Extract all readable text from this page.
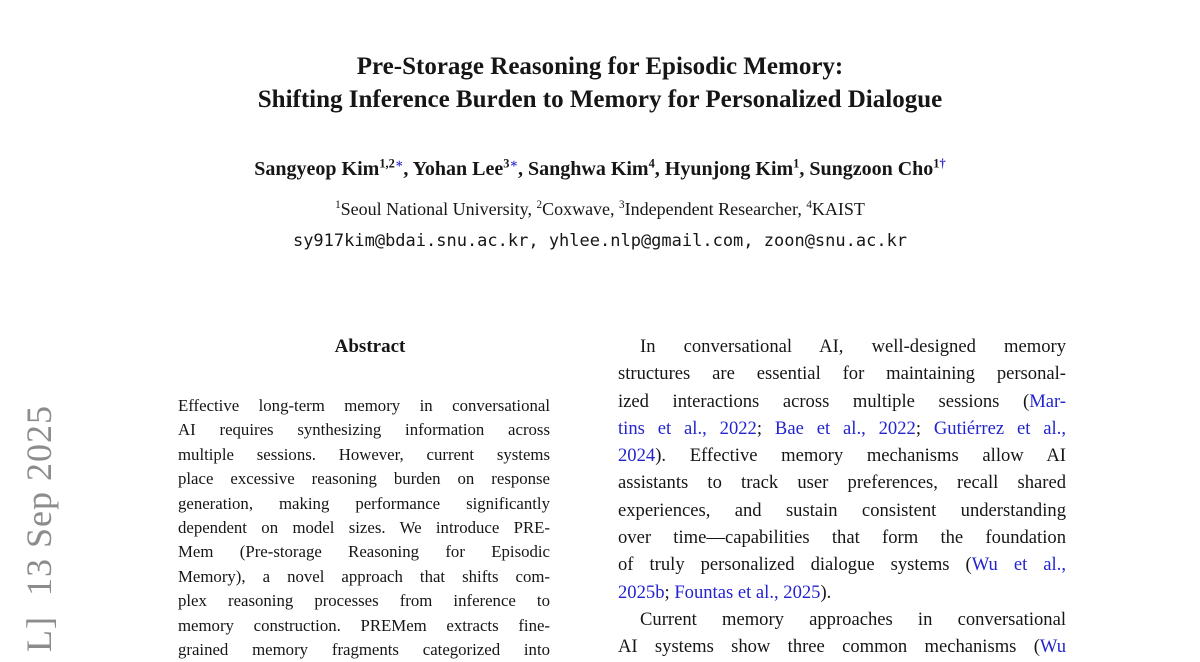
L]  13 Sep 2025
Pre-Storage Reasoning for Episodic Memory:
Shifting Inference Burden to Memory for Personalized Dialogue
Sangyeop Kim$^{1,2∗}$, Yohan Lee$^{3∗}$, Sanghwa Kim$^4$, Hyunjong Kim$^1$, Sungzoon Cho$^{1\dagger}$
$^1$Seoul National University, $^2$Coxwave, $^3$Independent Researcher, $^4$KAIST
sy917kim@bdai.snu.ac.kr, yhlee.nlp@gmail.com, zoon@snu.ac.kr
Abstract
Effective long-term memory in conversational
AI requires synthesizing information across
multiple sessions. However, current systems
place excessive reasoning burden on response
generation, making performance significantly
dependent on model sizes. We introduce PRE-
Mem (Pre-storage Reasoning for Episodic
Memory), a novel approach that shifts com-
plex reasoning processes from inference to
memory construction. PREMem extracts fine-
grained memory fragments categorized into
In conversational AI, well-designed memory
structures are essential for maintaining personal-
ized interactions across multiple sessions (Mar-
tins et al., 2022; Bae et al., 2022; Gutiérrez et al.,
2024). Effective memory mechanisms allow AI
assistants to track user preferences, recall shared
experiences, and sustain consistent understanding
over time—capabilities that form the foundation
of truly personalized dialogue systems (Wu et al.,
2025b; Fountas et al., 2025).
Current memory approaches in conversational
AI systems show three common mechanisms (Wu
